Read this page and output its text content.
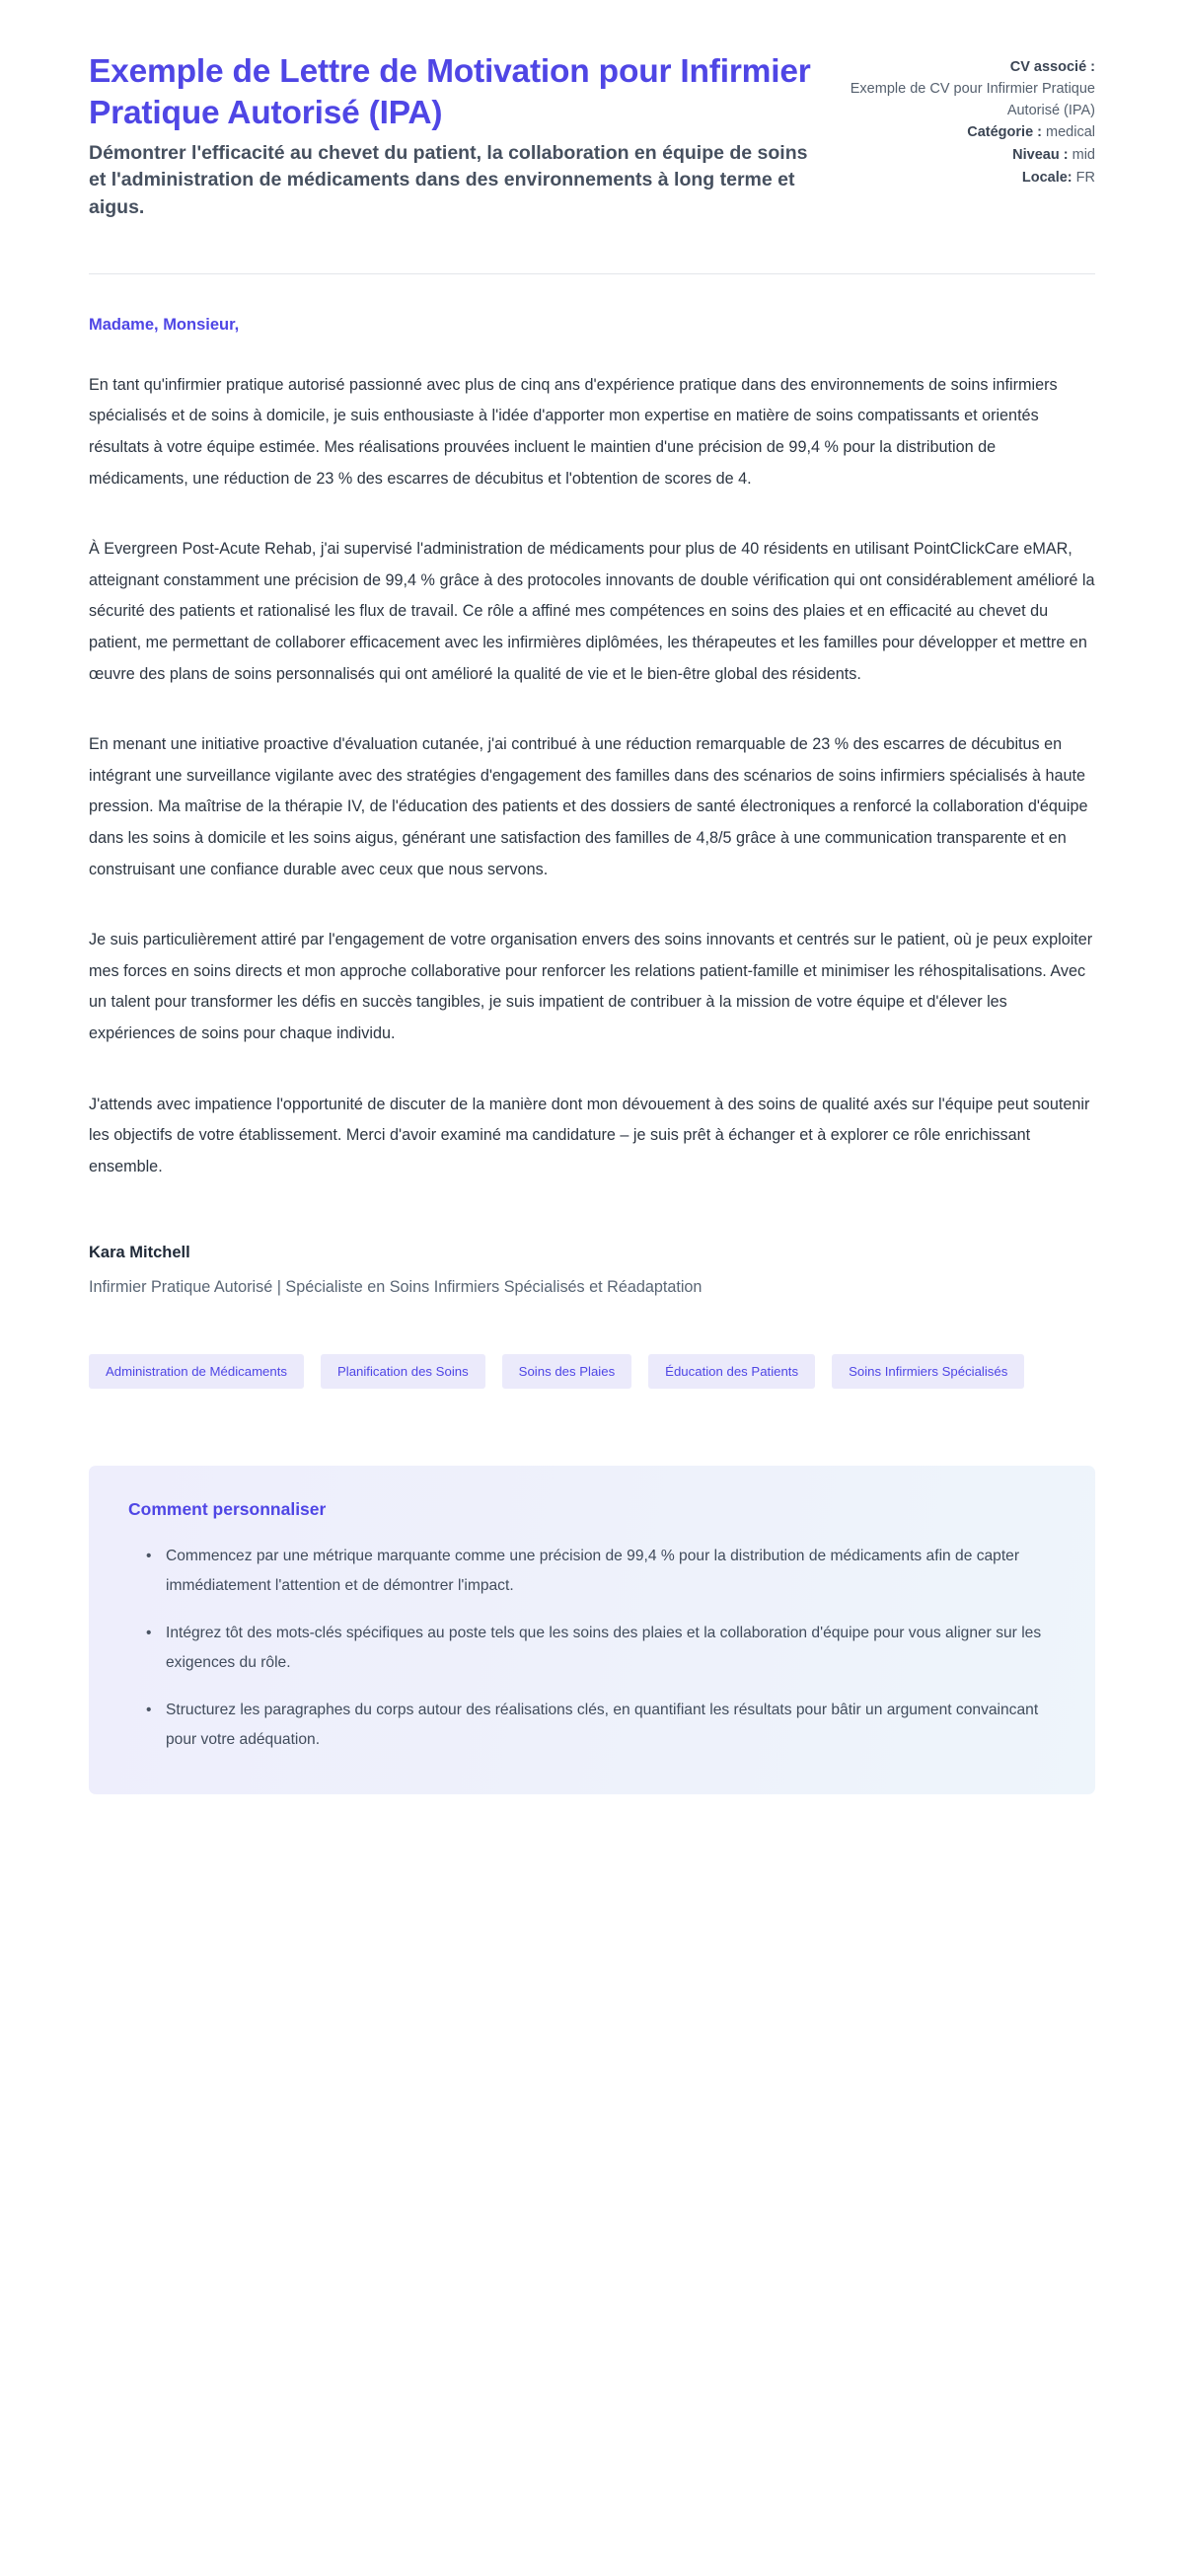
Exemple de Lettre de Motivation pour Infirmier Pratique Autorisé (IPA)

Démontrer l'efficacité au chevet du patient, la collaboration en équipe de soins et l'administration de médicaments dans des environnements à long terme et aigus.

CV associé :
Exemple de CV pour Infirmier Pratique Autorisé (IPA)
Catégorie : medical
Niveau : mid
Locale: FR

Madame, Monsieur,

En tant qu'infirmier pratique autorisé passionné avec plus de cinq ans d'expérience pratique dans des environnements de soins infirmiers spécialisés et de soins à domicile, je suis enthousiaste à l'idée d'apporter mon expertise en matière de soins compatissants et orientés résultats à votre équipe estimée. Mes réalisations prouvées incluent le maintien d'une précision de 99,4 % pour la distribution de médicaments, une réduction de 23 % des escarres de décubitus et l'obtention de scores de 4.

À Evergreen Post-Acute Rehab, j'ai supervisé l'administration de médicaments pour plus de 40 résidents en utilisant PointClickCare eMAR, atteignant constamment une précision de 99,4 % grâce à des protocoles innovants de double vérification qui ont considérablement amélioré la sécurité des patients et rationalisé les flux de travail. Ce rôle a affiné mes compétences en soins des plaies et en efficacité au chevet du patient, me permettant de collaborer efficacement avec les infirmières diplômées, les thérapeutes et les familles pour développer et mettre en œuvre des plans de soins personnalisés qui ont amélioré la qualité de vie et le bien-être global des résidents.

En menant une initiative proactive d'évaluation cutanée, j'ai contribué à une réduction remarquable de 23 % des escarres de décubitus en intégrant une surveillance vigilante avec des stratégies d'engagement des familles dans des scénarios de soins infirmiers spécialisés à haute pression. Ma maîtrise de la thérapie IV, de l'éducation des patients et des dossiers de santé électroniques a renforcé la collaboration d'équipe dans les soins à domicile et les soins aigus, générant une satisfaction des familles de 4,8/5 grâce à une communication transparente et en construisant une confiance durable avec ceux que nous servons.

Je suis particulièrement attiré par l'engagement de votre organisation envers des soins innovants et centrés sur le patient, où je peux exploiter mes forces en soins directs et mon approche collaborative pour renforcer les relations patient-famille et minimiser les réhospitalisations. Avec un talent pour transformer les défis en succès tangibles, je suis impatient de contribuer à la mission de votre équipe et d'élever les expériences de soins pour chaque individu.

J'attends avec impatience l'opportunité de discuter de la manière dont mon dévouement à des soins de qualité axés sur l'équipe peut soutenir les objectifs de votre établissement. Merci d'avoir examiné ma candidature – je suis prêt à échanger et à explorer ce rôle enrichissant ensemble.

Kara Mitchell

Infirmier Pratique Autorisé | Spécialiste en Soins Infirmiers Spécialisés et Réadaptation

Administration de Médicaments	Planification des Soins	Soins des Plaies	Éducation des Patients	Soins Infirmiers Spécialisés
Comment personnaliser
• Commencez par une métrique marquante comme une précision de 99,4 % pour la distribution de médicaments afin de capter immédiatement l'attention et de démontrer l'impact.
• Intégrez tôt des mots-clés spécifiques au poste tels que les soins des plaies et la collaboration d'équipe pour vous aligner sur les exigences du rôle.
• Structurez les paragraphes du corps autour des réalisations clés, en quantifiant les résultats pour bâtir un argument convaincant pour votre adéquation.
